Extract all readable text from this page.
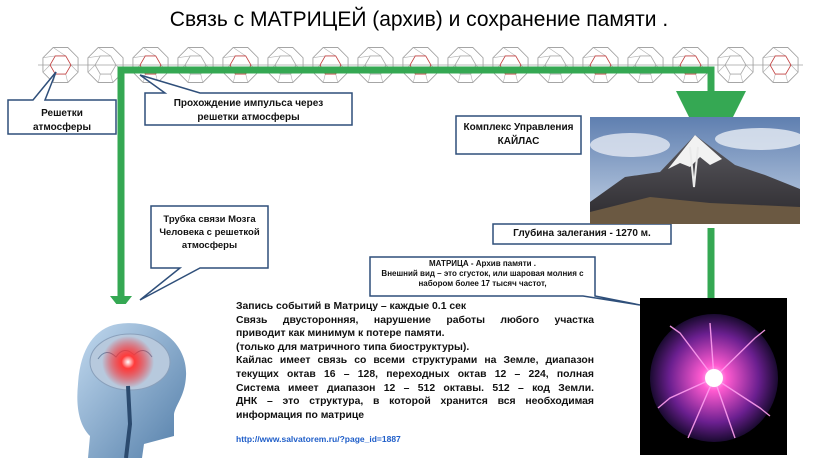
Связь с МАТРИЦЕЙ (архив) и сохранение памяти .
Решетки
атмосферы
Прохождение импульса через
решетки атмосферы
Комплекс Управления
КАЙЛАС
Трубка связи Мозга
Человека с решеткой
атмосферы
Глубина залегания - 1270 м.
МАТРИЦА - Архив памяти .
Внешний вид – это сгусток, или шаровая молния с
набором более 17 тысяч частот,

Запись событий в Матрицу – каждые 0.1 сек

Связь двусторонняя, нарушение работы любого участка

приводит как минимум к потере памяти.

(только для матричного типа биоструктуры).

Кайлас имеет связь со всеми структурами на Земле, диапазон

текущих октав 16 – 128, переходных октав 12 – 224, полная

Система имеет диапазон 12 – 512 октавы. 512 – код Земли.

ДНК – это структура, в которой хранится вся необходимая

информация по матрице

http://www.salvatorem.ru/?page_id=1887
